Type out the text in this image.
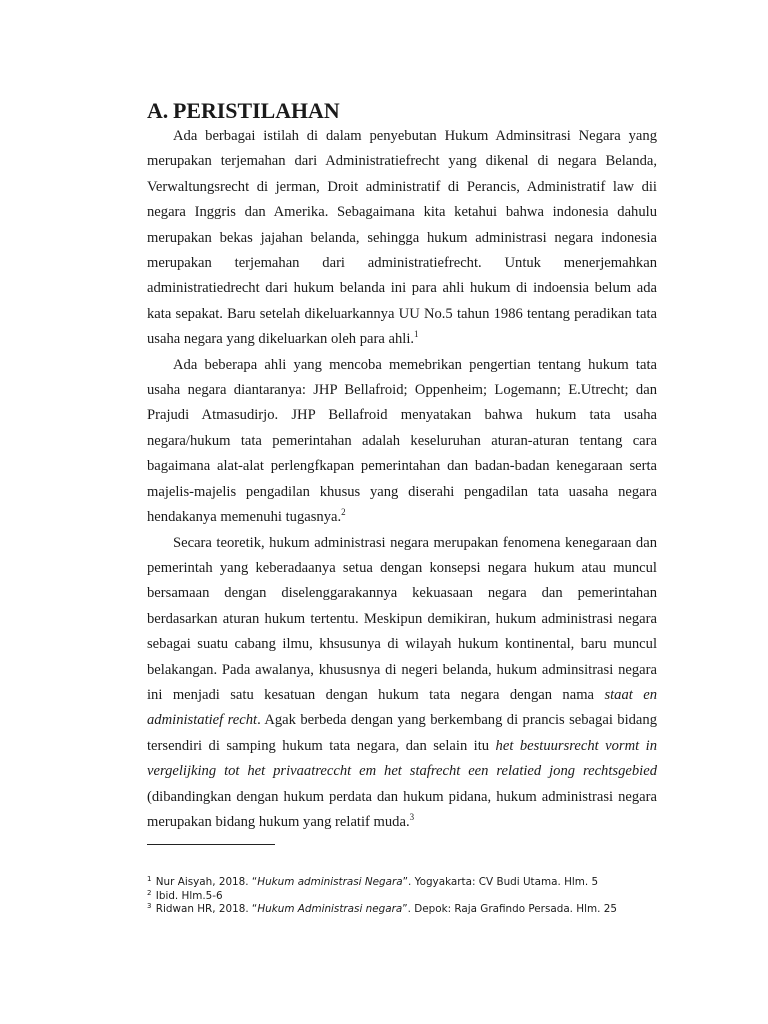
A. PERISTILAHAN

Ada berbagai istilah di dalam penyebutan Hukum Adminsitrasi Negara yang merupakan terjemahan dari Administratiefrecht yang dikenal di negara Belanda, Verwaltungsrecht di jerman, Droit administratif di Perancis, Administratif law dii negara Inggris dan Amerika. Sebagaimana kita ketahui bahwa indonesia dahulu merupakan bekas jajahan belanda, sehingga hukum administrasi negara indonesia merupakan terjemahan dari administratiefrecht. Untuk menerjemahkan administratiedrecht dari hukum belanda ini para ahli hukum di indoensia belum ada kata sepakat. Baru setelah dikeluarkannya UU No.5 tahun 1986 tentang peradikan tata usaha negara yang dikeluarkan oleh para ahli.$^1$

Ada beberapa ahli yang mencoba memebrikan pengertian tentang hukum tata usaha negara diantaranya: JHP Bellafroid; Oppenheim; Logemann; E.Utrecht; dan Prajudi Atmasudirjo. JHP Bellafroid menyatakan bahwa hukum tata usaha negara/hukum tata pemerintahan adalah keseluruhan aturan-aturan tentang cara bagaimana alat-alat perlengfkapan pemerintahan dan badan-badan kenegaraan serta majelis-majelis pengadilan khusus yang diserahi pengadilan tata uasaha negara hendakanya memenuhi tugasnya.$^2$

Secara teoretik, hukum administrasi negara merupakan fenomena kenegaraan dan pemerintah yang keberadaanya setua dengan konsepsi negara hukum atau muncul bersamaan dengan diselenggarakannya kekuasaan negara dan pemerintahan berdasarkan aturan hukum tertentu. Meskipun demikiran, hukum administrasi negara sebagai suatu cabang ilmu, khsusunya di wilayah hukum kontinental, baru muncul belakangan. Pada awalanya, khususnya di negeri belanda, hukum adminsitrasi negara ini menjadi satu kesatuan dengan hukum tata negara dengan nama staat en administatief recht. Agak berbeda dengan yang berkembang di prancis sebagai bidang tersendiri di samping hukum tata negara, dan selain itu het bestuursrecht vormt in vergelijking tot het privaatreccht em het stafrecht een relatied jong rechtsgebied (dibandingkan dengan hukum perdata dan hukum pidana, hukum administrasi negara merupakan bidang hukum yang relatif muda.$^3$

$^1$ Nur Aisyah, 2018. “Hukum administrasi Negara”. Yogyakarta: CV Budi Utama. Hlm. 5
$^2$ Ibid. Hlm.5-6
$^3$ Ridwan HR, 2018. “Hukum Administrasi negara”. Depok: Raja Grafindo Persada. Hlm. 25
